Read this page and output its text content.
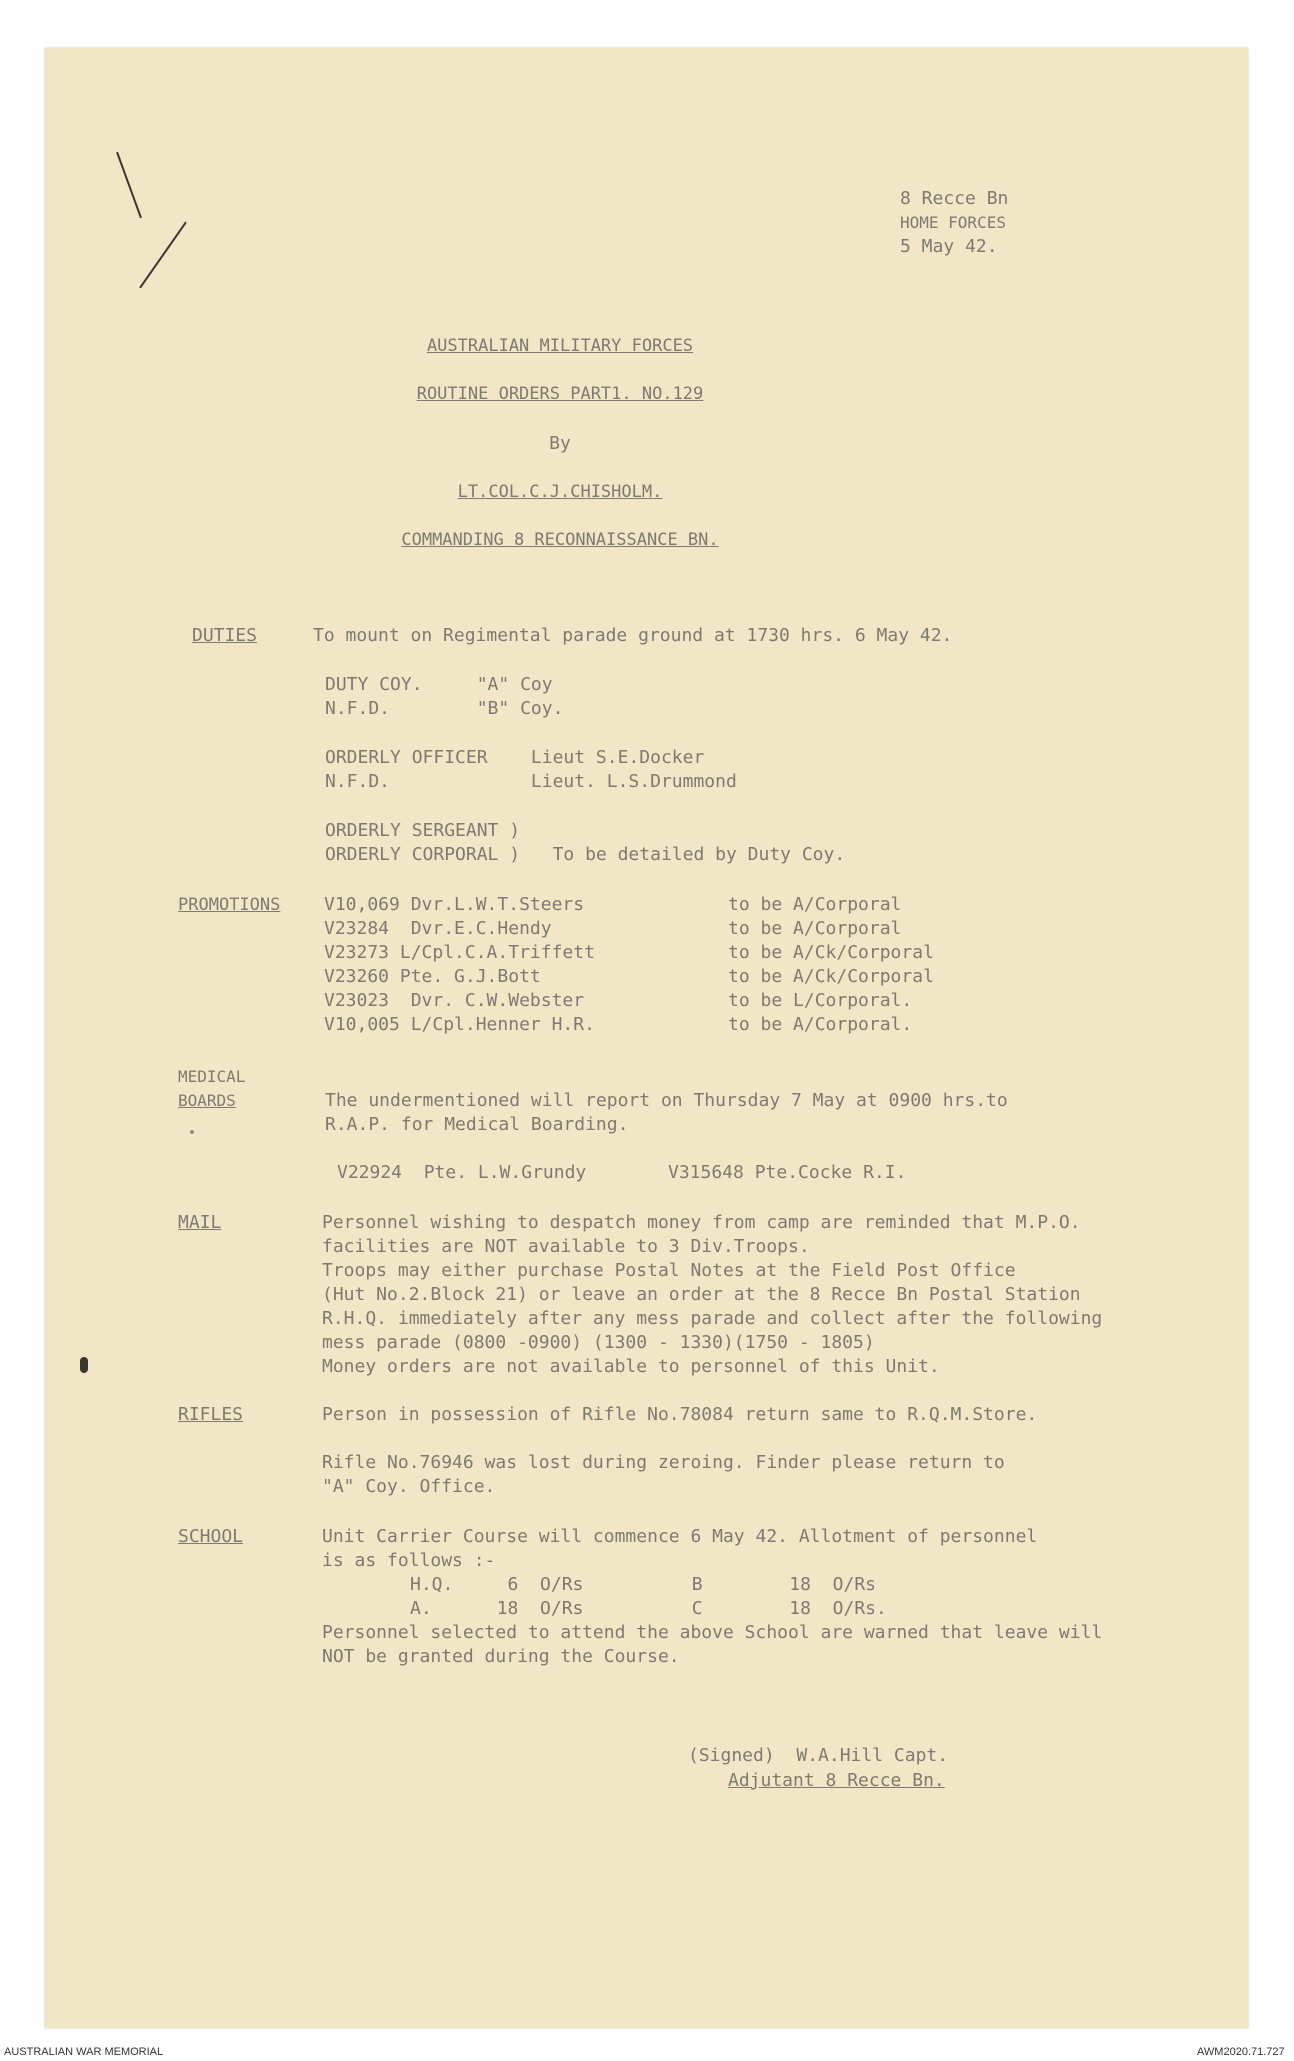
8 Recce Bn
HOME FORCES
5 May 42.
AUSTRALIAN MILITARY FORCES
ROUTINE ORDERS PART1. NO.129
By
LT.COL.C.J.CHISHOLM.
COMMANDING 8 RECONNAISSANCE BN.
DUTIES	To mount on Regimental parade ground at 1730 hrs. 6 May 42.
DUTY COY.     "A" Coy
N.F.D.        "B" Coy.
ORDERLY OFFICER    Lieut S.E.Docker
N.F.D.             Lieut. L.S.Drummond
ORDERLY SERGEANT )
ORDERLY CORPORAL )   To be detailed by Duty Coy.
PROMOTIONS V10,069 Dvr.L.W.T.Steers	to be A/Corporal
V23284  Dvr.E.C.Hendy	to be A/Corporal
V23273 L/Cpl.C.A.Triffett	to be A/Ck/Corporal
V23260 Pte. G.J.Bott	to be A/Ck/Corporal
V23023  Dvr. C.W.Webster	to be L/Corporal.
V10,005 L/Cpl.Henner H.R.	to be A/Corporal.
MEDICAL
BOARDS	The undermentioned will report on Thursday 7 May at 0900 hrs.to
R.A.P. for Medical Boarding.
V22924  Pte. L.W.Grundy	V315648 Pte.Cocke R.I.
MAIL	Personnel wishing to despatch money from camp are reminded that M.P.O.
facilities are NOT available to 3 Div.Troops.
Troops may either purchase Postal Notes at the Field Post Office
(Hut No.2.Block 21) or leave an order at the 8 Recce Bn Postal Station
R.H.Q. immediately after any mess parade and collect after the following
mess parade (0800 -0900) (1300 - 1330)(1750 - 1805)
Money orders are not available to personnel of this Unit.
RIFLES	Person in possession of Rifle No.78084 return same to R.Q.M.Store.
Rifle No.76946 was lost during zeroing. Finder please return to
"A" Coy. Office.
SCHOOL	Unit Carrier Course will commence 6 May 42. Allotment of personnel
is as follows :-
H.Q.     6  O/Rs          B        18  O/Rs
A.      18  O/Rs          C        18  O/Rs.
Personnel selected to attend the above School are warned that leave will
NOT be granted during the Course.
(Signed)  W.A.Hill Capt.
Adjutant 8 Recce Bn.
AUSTRALIAN WAR MEMORIAL	AWM2020.71.727
